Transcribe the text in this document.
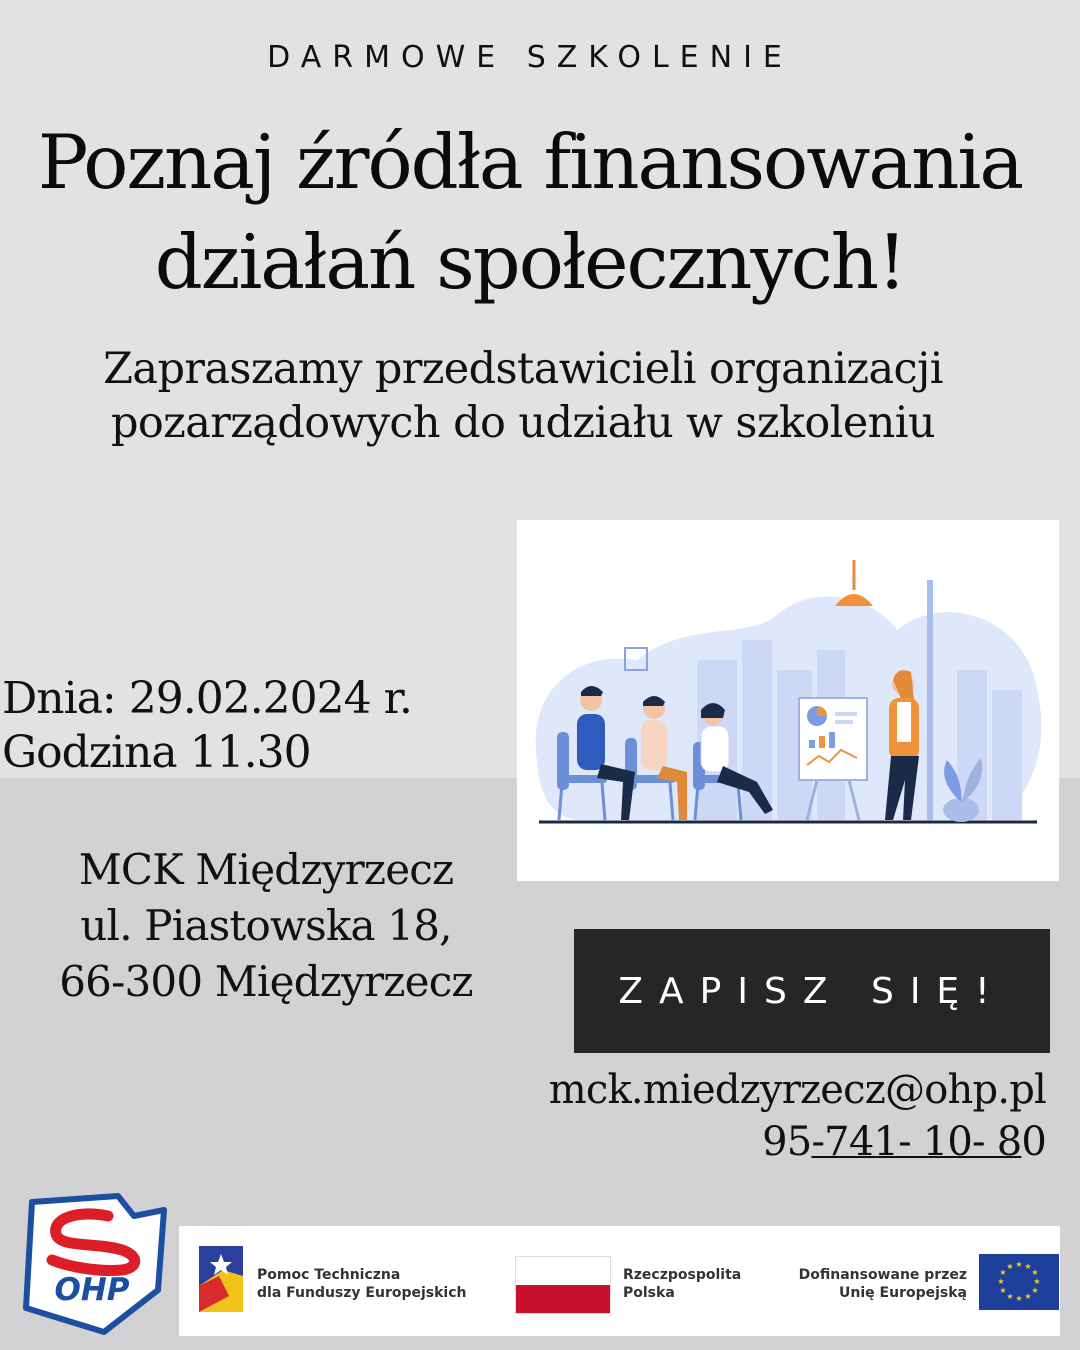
DARMOWE SZKOLENIE
Poznaj źródła finansowania
działań społecznych!
Zapraszamy przedstawicieli organizacji
pozarządowych do udziału w szkoleniu
Dnia: 29.02.2024 r.
Godzina 11.30
MCK Międzyrzecz
ul. Piastowska 18,
66-300 Międzyrzecz	ZAPISZ SIĘ!
mck.miedzyrzecz@ohp.pl
95-741- 10- 80
OHP	Pomoc Techniczna
dla Funduszy Europejskich
Rzeczpospolita
Polska
Dofinansowane przez
Unię Europejską
★ ★
★
★
★
★
★
★
★
★
★
★
